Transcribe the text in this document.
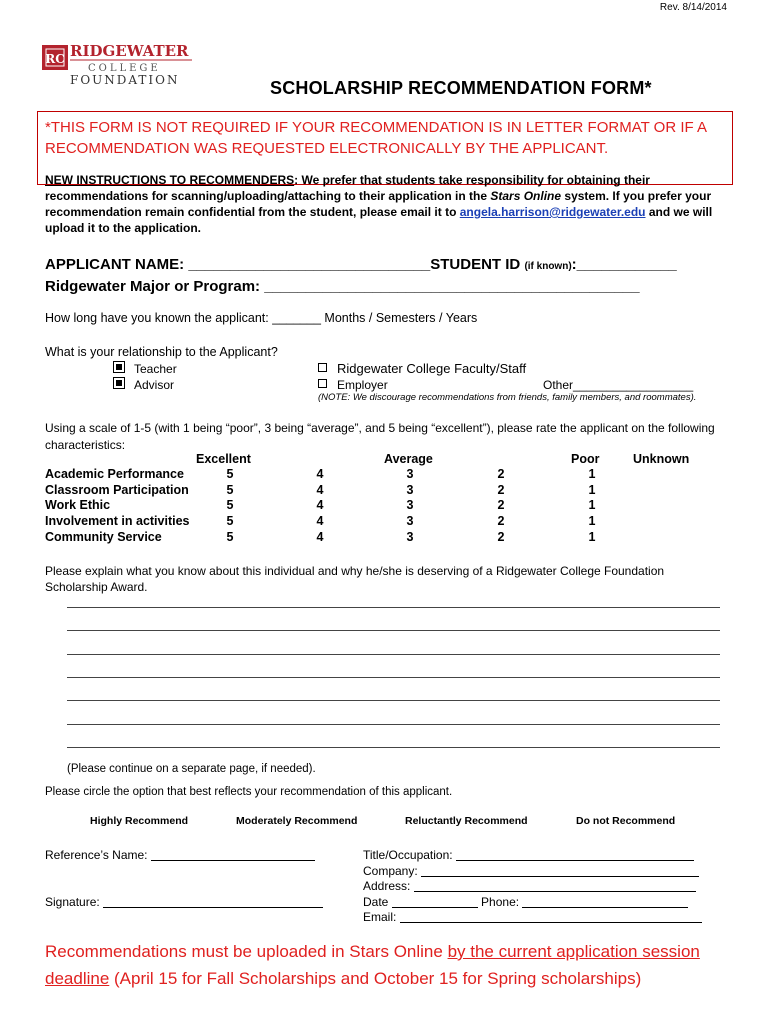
Rev. 8/14/2014
RC RIDGEWATER
COLLEGE
FOUNDATION	SCHOLARSHIP RECOMMENDATION FORM*
*THIS FORM IS NOT REQUIRED IF YOUR RECOMMENDATION IS IN LETTER FORMAT OR IF A RECOMMENDATION WAS REQUESTED ELECTRONICALLY BY THE APPLICANT.
NEW INSTRUCTIONS TO RECOMMENDERS: We prefer that students take responsibility for obtaining their recommendations for scanning/uploading/attaching to their application in the Stars Online system. If you prefer your recommendation remain confidential from the student, please email it to angela.harrison@ridgewater.edu and we will upload it to the application.
APPLICANT NAME: _____________________________STUDENT ID (if known):____________
Ridgewater Major or Program: _____________________________________________
How long have you known the applicant: _______ Months / Semesters / Years
What is your relationship to the Applicant?
Teacher
Advisor
Ridgewater College Faculty/Staff
Employer	Other__________________
(NOTE: We discourage recommendations from friends, family members, and roommates).
Using a scale of 1-5 (with 1 being “poor”, 3 being “average”, and 5 being “excellent”), please rate the applicant on the following characteristics:
Excellent	Average	Poor	Unknown
Academic Performance	5	4	3	2	1
Classroom Participation	5	4	3	2	1
Work Ethic	5	4	3	2	1
Involvement in activities	5	4	3	2	1
Community Service	5	4	3	2	1
Please explain what you know about this individual and why he/she is deserving of a Ridgewater College Foundation Scholarship Award.
(Please continue on a separate page, if needed).
Please circle the option that best reflects your recommendation of this applicant.
Highly Recommend	Moderately Recommend	Reluctantly Recommend	Do not Recommend
Reference’s Name:
Signature:
Title/Occupation:
Company:
Address:
Date	Phone:
Email:
Recommendations must be uploaded in Stars Online by the current application session deadline (April 15 for Fall Scholarships and October 15 for Spring scholarships)
